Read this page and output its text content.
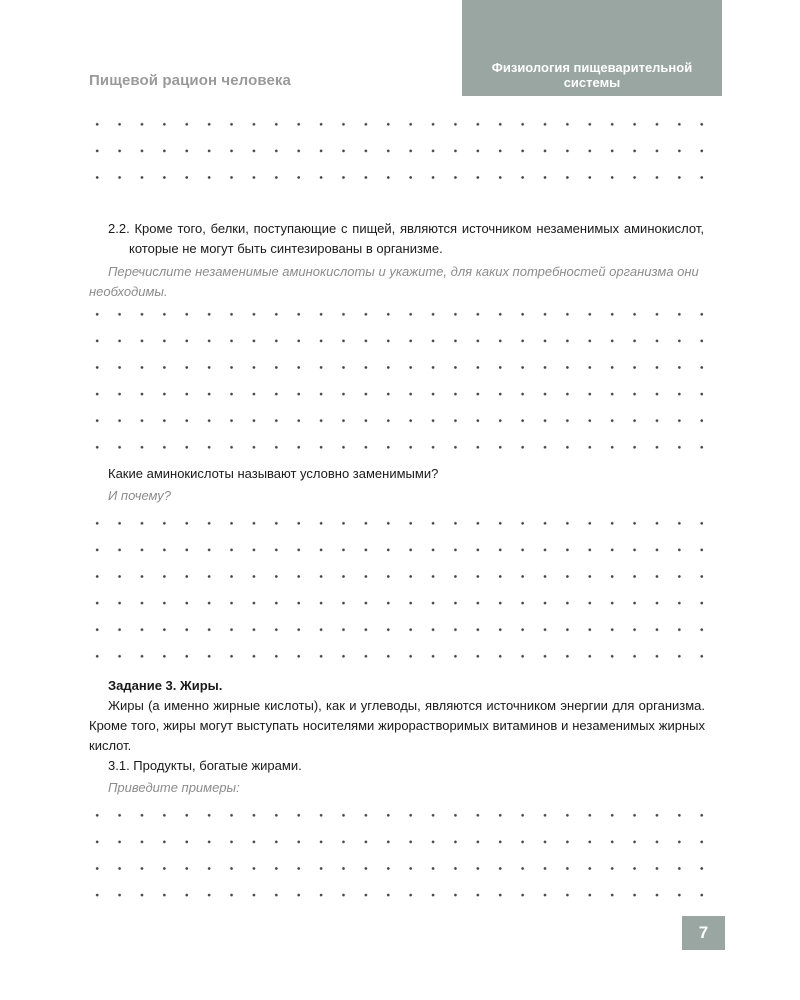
Пищевой рацион человека
Физиология пищеварительной системы
2.2. Кроме того, белки, поступающие с пищей, являются источником незаменимых аминокислот,
которые не могут быть синтезированы в организме.
Перечислите незаменимые аминокислоты и укажите, для каких потребностей организма они необходимы.
Какие аминокислоты называют условно заменимыми?
И почему?
Задание 3. Жиры.
Жиры (а именно жирные кислоты), как и углеводы, являются источником энергии для организма. Кроме того, жиры могут выступать носителями жирорастворимых витаминов и незаменимых жирных кислот.
3.1. Продукты, богатые жирами.
Приведите примеры:
7
